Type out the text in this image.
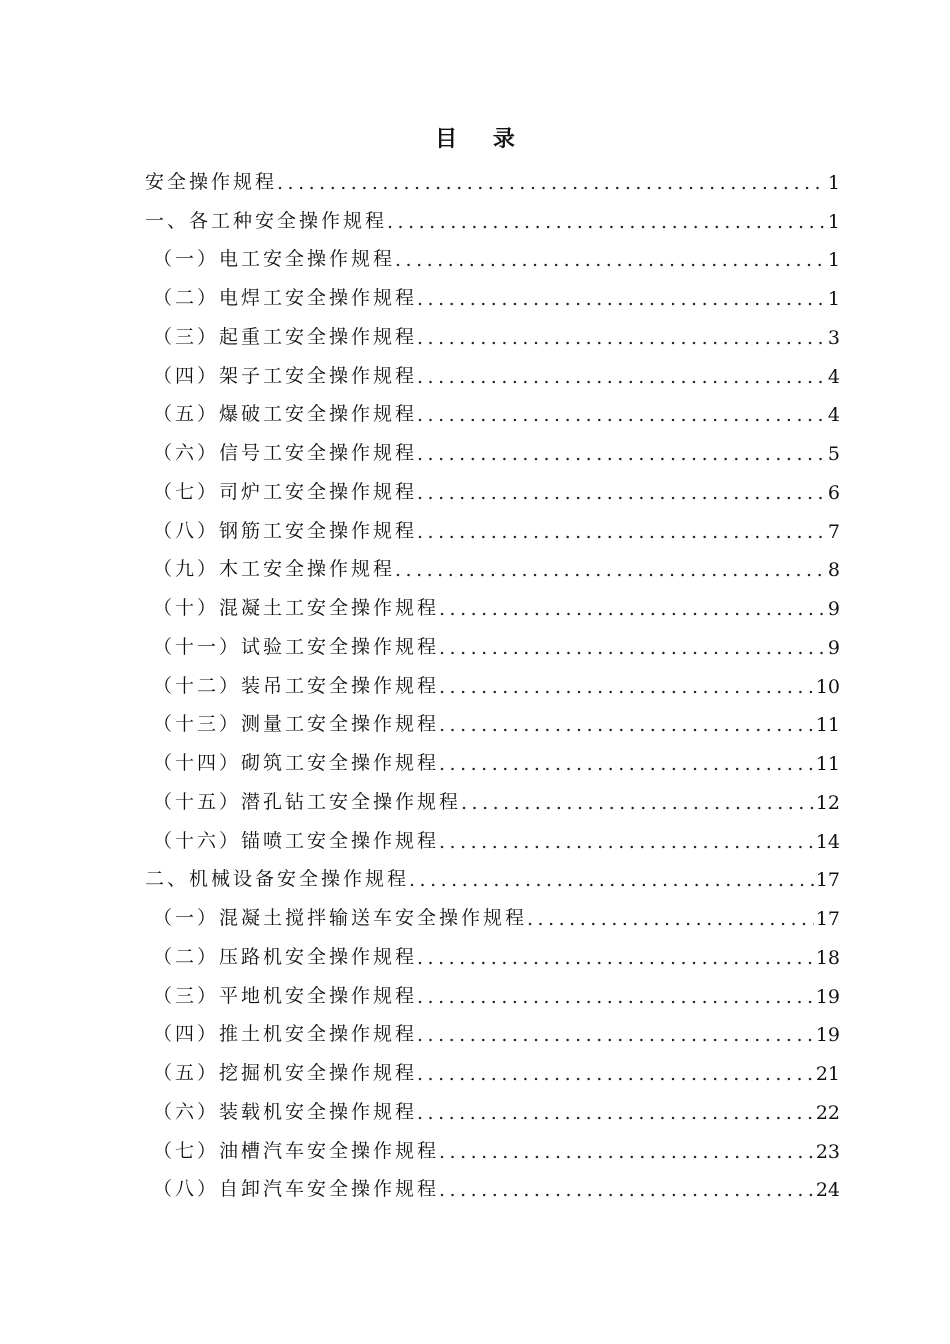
目 录
安全操作规程 .....	1
一、各工种安全操作规程 .....	1
（一）电工安全操作规程 .....	1
（二）电焊工安全操作规程 .....	1
（三）起重工安全操作规程 .....	3
（四）架子工安全操作规程 .....	4
（五）爆破工安全操作规程 .....	4
（六）信号工安全操作规程 .....	5
（七）司炉工安全操作规程 .....	6
（八）钢筋工安全操作规程 .....	7
（九）木工安全操作规程 .....	8
（十）混凝土工安全操作规程 .....	9
（十一）试验工安全操作规程 .....	9
（十二）装吊工安全操作规程 .....	10
（十三）测量工安全操作规程 .....	11
（十四）砌筑工安全操作规程 .....	11
（十五）潜孔钻工安全操作规程 .....	12
（十六）锚喷工安全操作规程 .....	14
二、机械设备安全操作规程 .....	17
（一）混凝土搅拌输送车安全操作规程 .....	17
（二）压路机安全操作规程 .....	18
（三）平地机安全操作规程 .....	19
（四）推土机安全操作规程 .....	19
（五）挖掘机安全操作规程 .....	21
（六）装载机安全操作规程 .....	22
（七）油槽汽车安全操作规程 .....	23
（八）自卸汽车安全操作规程 .....	24
